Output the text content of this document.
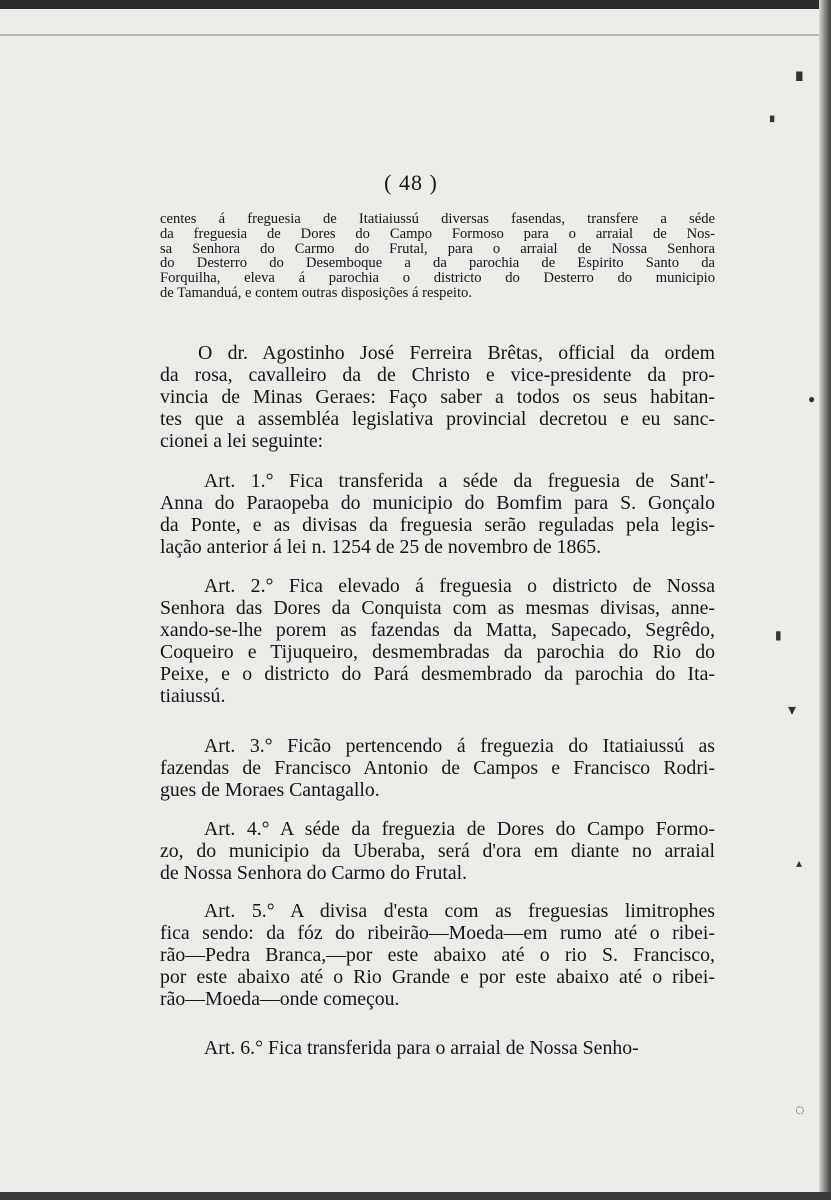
( 48 )
centes á freguesia de Itatiaiussú diversas fasendas, transfere a séde
da freguesia de Dores do Campo Formoso para o arraial de Nos-
sa Senhora do Carmo do Frutal, para o arraial de Nossa Senhora
do Desterro do Desemboque a da parochia de Espirito Santo da
Forquilha, eleva á parochia o districto do Desterro do municipio
de Tamanduá, e contem outras disposições á respeito.
O dr. Agostinho José Ferreira Brêtas, official da ordem
da rosa, cavalleiro da de Christo e vice-presidente da pro-
vincia de Minas Geraes: Faço saber a todos os seus habitan-
tes que a assembléa legislativa provincial decretou e eu sanc-
cionei a lei seguinte:
Art. 1.° Fica transferida a séde da freguesia de Sant'-
Anna do Paraopeba do municipio do Bomfim para S. Gonçalo
da Ponte, e as divisas da freguesia serão reguladas pela legis-
lação anterior á lei n. 1254 de 25 de novembro de 1865.
Art. 2.° Fica elevado á freguesia o districto de Nossa
Senhora das Dores da Conquista com as mesmas divisas, anne-
xando-se-lhe porem as fazendas da Matta, Sapecado, Segrêdo,
Coqueiro e Tijuqueiro, desmembradas da parochia do Rio do
Peixe, e o districto do Pará desmembrado da parochia do Ita-
tiaiussú.
Art. 3.° Ficão pertencendo á freguezia do Itatiaiussú as
fazendas de Francisco Antonio de Campos e Francisco Rodri-
gues de Moraes Cantagallo.
Art. 4.° A séde da freguezia de Dores do Campo Formo-
zo, do municipio da Uberaba, será d'ora em diante no arraial
de Nossa Senhora do Carmo do Frutal.
Art. 5.° A divisa d'esta com as freguesias limitrophes
fica sendo: da fóz do ribeirão—Moeda—em rumo até o ribei-
rão—Pedra Branca,—por este abaixo até o rio S. Francisco,
por este abaixo até o Rio Grande e por este abaixo até o ribei-
rão—Moeda—onde começou.
Art. 6.° Fica transferida para o arraial de Nossa Senho-
▗
▘
●
▮
▾
▴
◌
